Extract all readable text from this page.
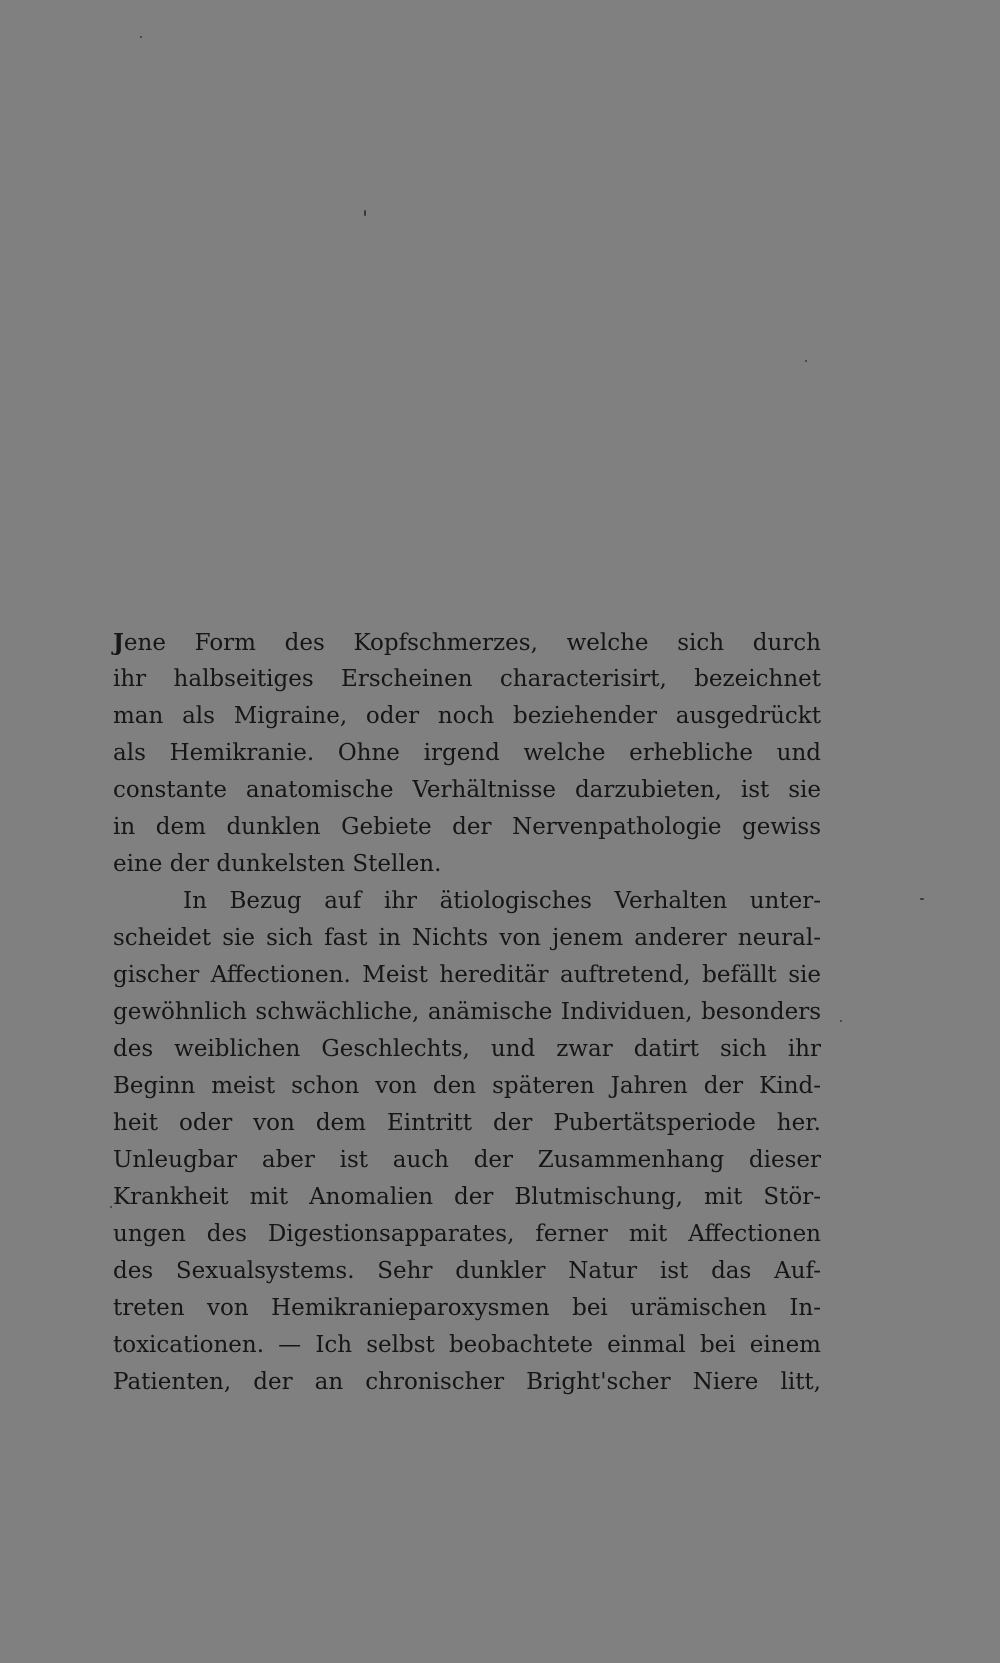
Jene Form des Kopfschmerzes, welche sich durch
ihr halbseitiges Erscheinen characterisirt, bezeichnet
man als Migraine, oder noch beziehender ausgedrückt
als Hemikranie. Ohne irgend welche erhebliche und
constante anatomische Verhältnisse darzubieten, ist sie
in dem dunklen Gebiete der Nervenpathologie gewiss
eine der dunkelsten Stellen.
In Bezug auf ihr ätiologisches Verhalten unter-
scheidet sie sich fast in Nichts von jenem anderer neural-
gischer Affectionen. Meist hereditär auftretend, befällt sie
gewöhnlich schwächliche, anämische Individuen, besonders
des weiblichen Geschlechts, und zwar datirt sich ihr
Beginn meist schon von den späteren Jahren der Kind-
heit oder von dem Eintritt der Pubertätsperiode her.
Unleugbar aber ist auch der Zusammenhang dieser
Krankheit mit Anomalien der Blutmischung, mit Stör-
ungen des Digestionsapparates, ferner mit Affectionen
des Sexualsystems. Sehr dunkler Natur ist das Auf-
treten von Hemikranieparoxysmen bei urämischen In-
toxicationen. — Ich selbst beobachtete einmal bei einem
Patienten, der an chronischer Bright'scher Niere litt,
